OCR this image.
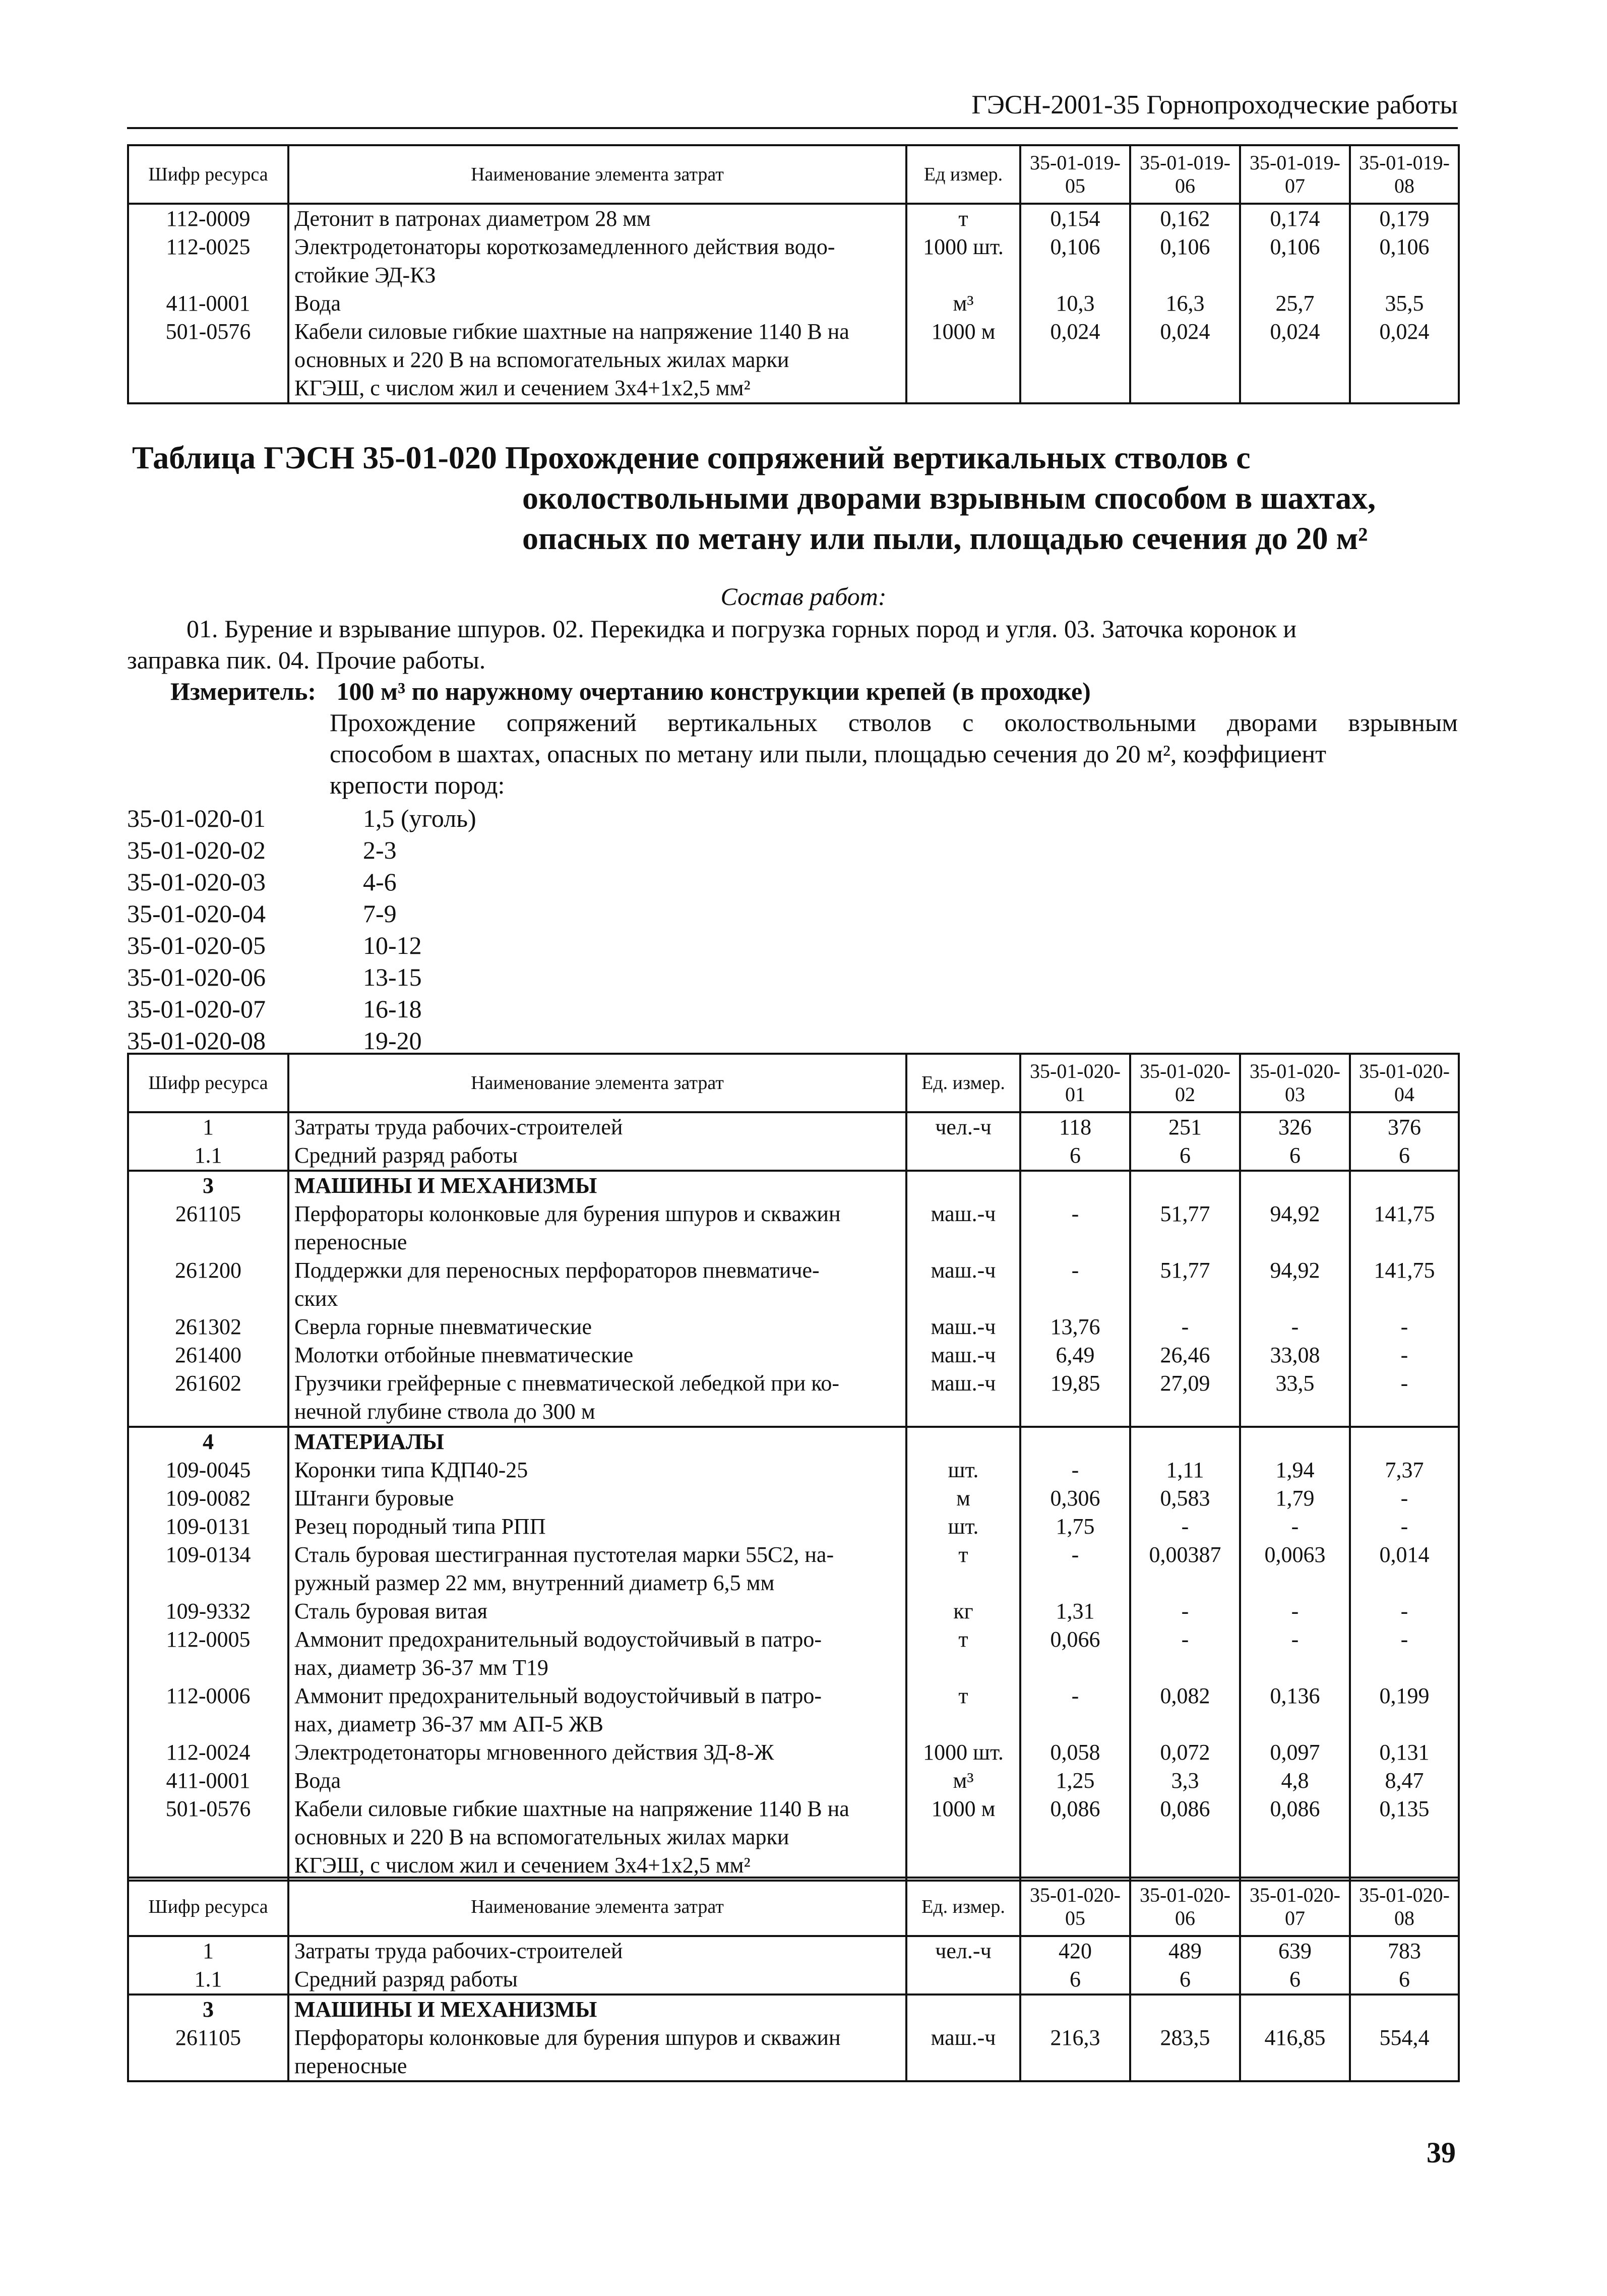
ГЭСН-2001-35 Горнопроходческие работы
Шифр ресурса	Наименование элемента затрат	Ед измер.	35-01-019-05	35-01-019-06	35-01-019-07	35-01-019-08
112-0009	Детонит в патронах диаметром 28 мм	т	0,154	0,162	0,174	0,179
112-0025	Электродетонаторы короткозамедленного действия водо-
стойкие ЭД-КЗ	1000 шт.	0,106	0,106	0,106	0,106
411-0001	Вода	м³	10,3	16,3	25,7	35,5
501-0576	Кабели силовые гибкие шахтные на напряжение 1140 В на
основных и 220 В на вспомогательных жилах марки
КГЭШ, с числом жил и сечением 3х4+1х2,5 мм²	1000 м	0,024	0,024	0,024	0,024
Таблица ГЭСН 35-01-020 Прохождение сопряжений вертикальных стволов с
околоствольными дворами взрывным способом в шахтах,
опасных по метану или пыли, площадью сечения до 20 м²
Состав работ:
01. Бурение и взрывание шпуров. 02. Перекидка и погрузка горных пород и угля. 03. Заточка коронок и
заправка пик. 04. Прочие работы.
Измеритель: 100 м³ по наружному очертанию конструкции крепей (в проходке)
Прохождение сопряжений вертикальных стволов с околоствольными дворами взрывным
способом в шахтах, опасных по метану или пыли, площадью сечения до 20 м², коэффициент
крепости пород:
35-01-020-01	1,5 (уголь)
35-01-020-02	2-3
35-01-020-03	4-6
35-01-020-04	7-9
35-01-020-05	10-12
35-01-020-06	13-15
35-01-020-07	16-18
35-01-020-08	19-20
Шифр ресурса	Наименование элемента затрат	Ед. измер.	35-01-020-01	35-01-020-02	35-01-020-03	35-01-020-04
1	Затраты труда рабочих-строителей	чел.-ч	118	251	326	376
1.1	Средний разряд работы		6	6	6	6
3	МАШИНЫ И МЕХАНИЗМЫ					

261105	Перфораторы колонковые для бурения шпуров и скважин
переносные	маш.-ч	-	51,77	94,92	141,75
261200	Поддержки для переносных перфораторов пневматиче-
ских	маш.-ч	-	51,77	94,92	141,75
261302	Сверла горные пневматические	маш.-ч	13,76	-	-	-
261400	Молотки отбойные пневматические	маш.-ч	6,49	26,46	33,08	-
261602	Грузчики грейферные с пневматической лебедкой при ко-
нечной глубине ствола до 300 м	маш.-ч	19,85	27,09	33,5	-
4	МАТЕРИАЛЫ					

109-0045	Коронки типа КДП40-25	шт.	-	1,11	1,94	7,37
109-0082	Штанги буровые	м	0,306	0,583	1,79	-
109-0131	Резец породный типа РПП	шт.	1,75	-	-	-
109-0134	Сталь буровая шестигранная пустотелая марки 55С2, на-
ружный размер 22 мм, внутренний диаметр 6,5 мм	т	-	0,00387	0,0063	0,014
109-9332	Сталь буровая витая	кг	1,31	-	-	-
112-0005	Аммонит предохранительный водоустойчивый в патро-
нах, диаметр 36-37 мм Т19	т	0,066	-	-	-
112-0006	Аммонит предохранительный водоустойчивый в патро-
нах, диаметр 36-37 мм АП-5 ЖВ	т	-	0,082	0,136	0,199
112-0024	Электродетонаторы мгновенного действия ЗД-8-Ж	1000 шт.	0,058	0,072	0,097	0,131
411-0001	Вода	м³	1,25	3,3	4,8	8,47
501-0576	Кабели силовые гибкие шахтные на напряжение 1140 В на
основных и 220 В на вспомогательных жилах марки
КГЭШ, с числом жил и сечением 3х4+1х2,5 мм²	1000 м	0,086	0,086	0,086	0,135
Шифр ресурса	Наименование элемента затрат	Ед. измер.	35-01-020-05	35-01-020-06	35-01-020-07	35-01-020-08
1	Затраты труда рабочих-строителей	чел.-ч	420	489	639	783
1.1	Средний разряд работы		6	6	6	6
3	МАШИНЫ И МЕХАНИЗМЫ					

261105	Перфораторы колонковые для бурения шпуров и скважин
переносные	маш.-ч	216,3	283,5	416,85	554,4
39
